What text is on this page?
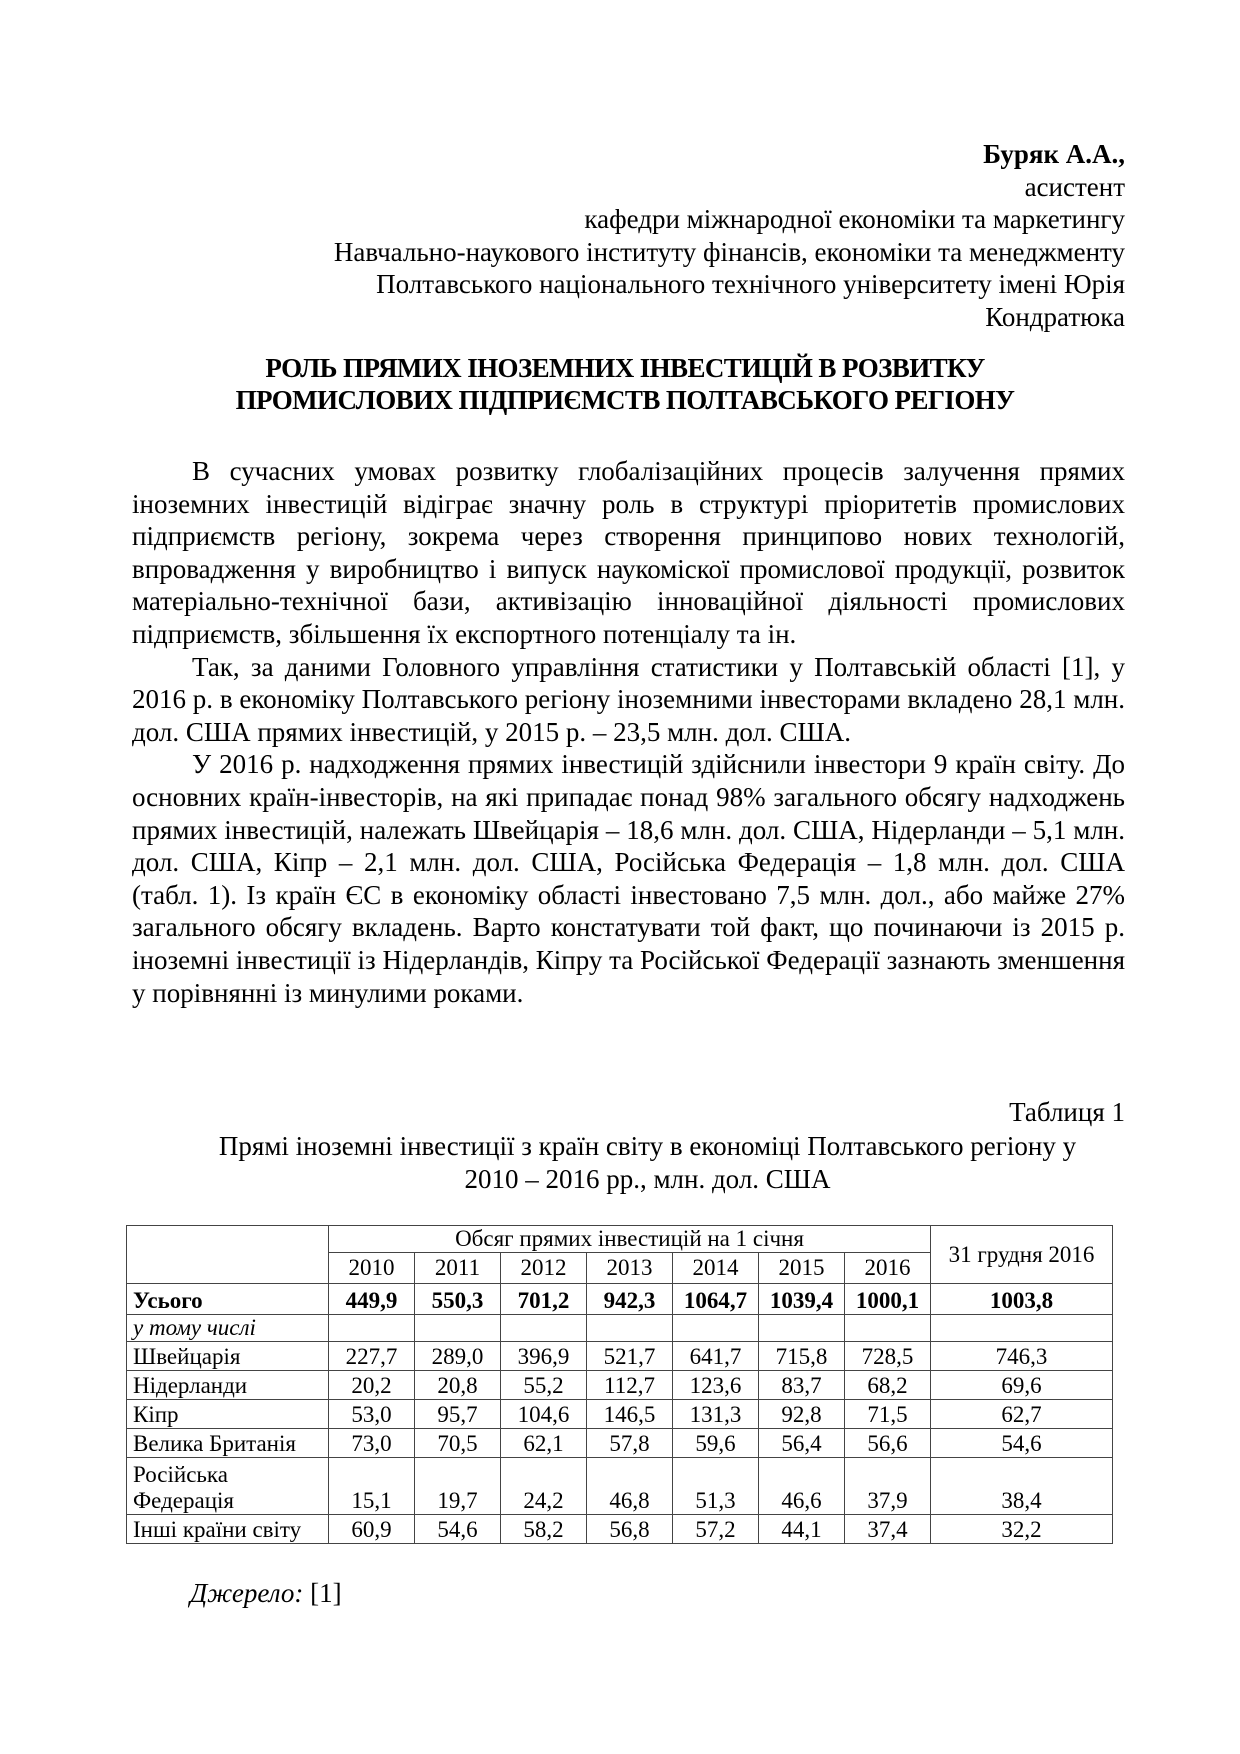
Буряк А.А.,
асистент
кафедри міжнародної економіки та маркетингу
Навчально-наукового інституту фінансів, економіки та менеджменту
Полтавського національного технічного університету імені Юрія
Кондратюка
РОЛЬ ПРЯМИХ ІНОЗЕМНИХ ІНВЕСТИЦІЙ В РОЗВИТКУ
ПРОМИСЛОВИХ ПІДПРИЄМСТВ ПОЛТАВСЬКОГО РЕГІОНУ

В сучасних умовах розвитку глобалізаційних процесів залучення прямих іноземних інвестицій відіграє значну роль в структурі пріоритетів промислових підприємств регіону, зокрема через створення принципово нових технологій, впровадження у виробництво і випуск наукоміскої промислової продукції, розвиток матеріально-технічної бази, активізацію інноваційної діяльності промислових підприємств, збільшення їх експортного потенціалу та ін.

Так, за даними Головного управління статистики у Полтавській області [1], у 2016 р. в економіку Полтавського регіону іноземними інвесторами вкладено 28,1 млн. дол. США прямих інвестицій, у 2015 р. – 23,5 млн. дол. США.

У 2016 р. надходження прямих інвестицій здійснили інвестори 9 країн світу. До основних країн-інвесторів, на які припадає понад 98% загального обсягу надходжень прямих інвестицій, належать Швейцарія – 18,6 млн. дол. США, Нідерланди – 5,1 млн. дол. США, Кіпр – 2,1 млн. дол. США, Російська Федерація – 1,8 млн. дол. США (табл. 1). Із країн ЄС в економіку області інвестовано 7,5 млн. дол., або майже 27% загального обсягу вкладень. Варто констатувати той факт, що починаючи із 2015 р. іноземні інвестиції із Нідерландів, Кіпру та Російської Федерації зазнають зменшення у порівнянні із минулими роками.

Таблиця 1
Прямі іноземні інвестиції з країн світу в економіці Полтавського регіону у
2010 – 2016 рр., млн. дол. США
	Обсяг прямих інвестицій на 1 січня							31 грудня 2016
	2010	2011	2012	2013	2014	2015	2016	
Усього	449,9	550,3	701,2	942,3	1064,7	1039,4	1000,1	1003,8
у тому числі								
Швейцарія	227,7	289,0	396,9	521,7	641,7	715,8	728,5	746,3
Нідерланди	20,2	20,8	55,2	112,7	123,6	83,7	68,2	69,6
Кіпр	53,0	95,7	104,6	146,5	131,3	92,8	71,5	62,7
Велика Британія	73,0	70,5	62,1	57,8	59,6	56,4	56,6	54,6

Російська
Федерація	15,1	19,7	24,2	46,8	51,3	46,6	37,9	38,4
Інші країни світу	60,9	54,6	58,2	56,8	57,2	44,1	37,4	32,2
Джерело: [1]
